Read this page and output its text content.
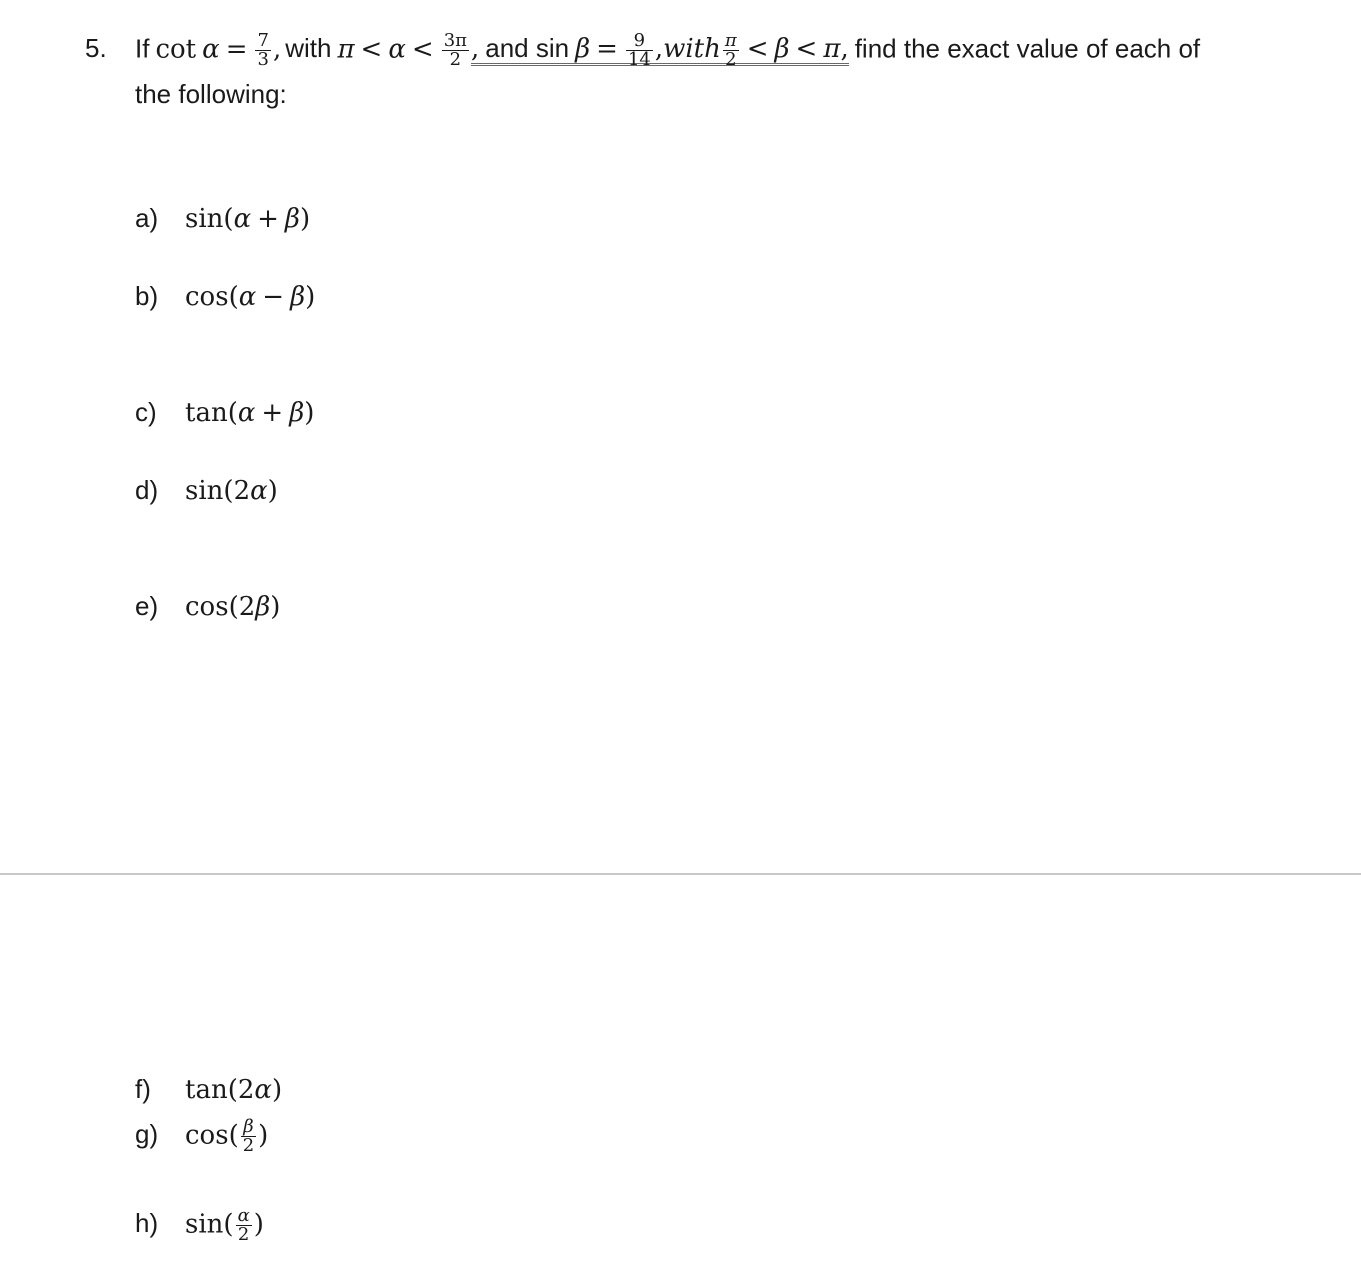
5. If $\cot \alpha = \frac{7}{3}$ , with $\pi < \alpha < \frac{3\pi}{2}$ , and $\sin \beta = \frac{9}{14}$ ,with $\frac{\pi}{2} < \beta < \pi$, find the exact value of each of
the following:
a) sin(α + β)
b) cos(α − β)
c) tan(α + β)
d) sin(2α)
e) cos(2β)
f) tan(2α)
g) $\cos( \frac{\beta}{2}$ )
h) $\sin( \frac{\alpha}{2}$ )
